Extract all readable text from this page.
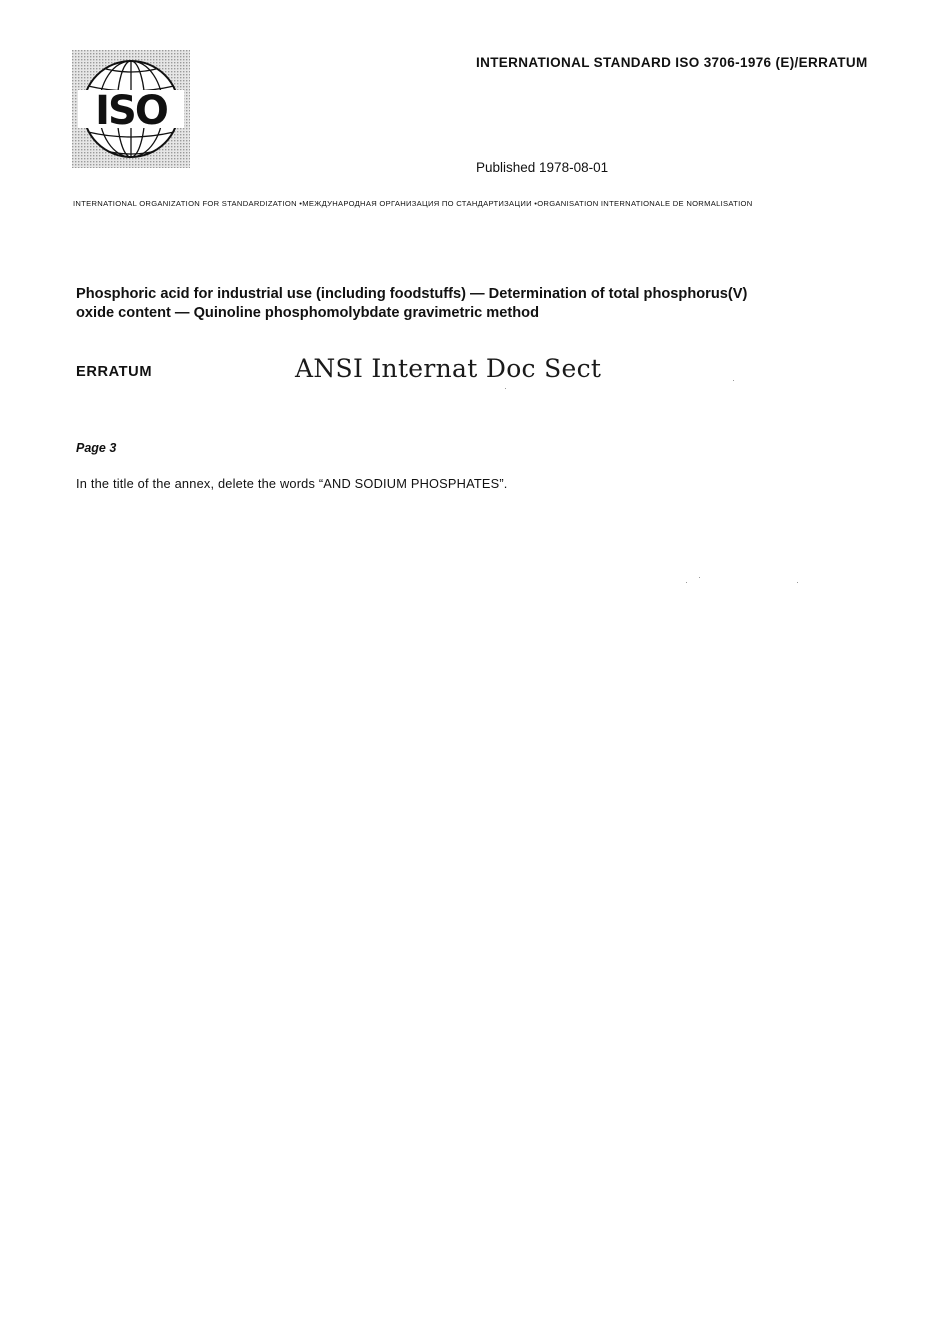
ISO
INTERNATIONAL STANDARD ISO 3706-1976 (E)/ERRATUM
Published 1978-08-01
INTERNATIONAL ORGANIZATION FOR STANDARDIZATION •МЕЖДУНАРОДНАЯ ОРГАНИЗАЦИЯ ПО СТАНДАРТИЗАЦИИ •ORGANISATION INTERNATIONALE DE NORMALISATION
Phosphoric acid for industrial use (including foodstuffs) — Determination of total phosphorus(V)
oxide content — Quinoline phosphomolybdate gravimetric method
ERRATUM	ANSI Internat Doc Sect
Page 3
In the title of the annex, delete the words “AND SODIUM PHOSPHATES”.
